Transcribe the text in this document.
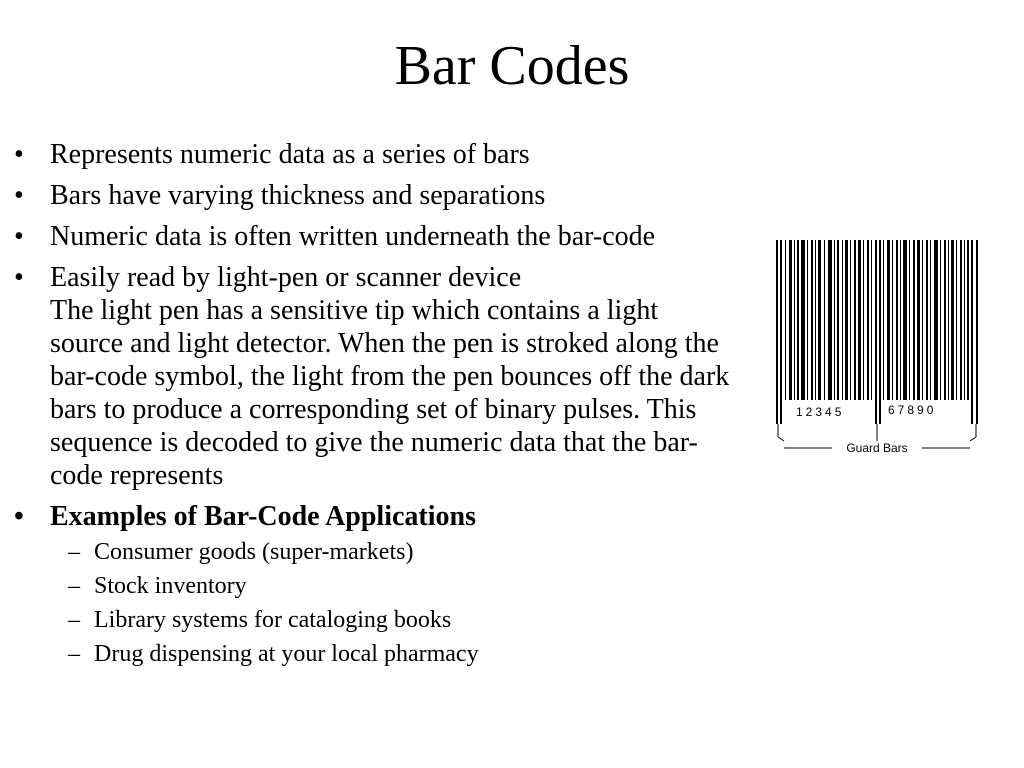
Bar Codes
• Represents numeric data as a series of bars
• Bars have varying thickness and separations
• Numeric data is often written underneath the bar-code

• Easily read by light-pen or scanner device

The light pen has a sensitive tip which contains a light source and light detector. When the pen is stroked along the bar-code symbol, the light from the pen bounces off the dark bars to produce a corresponding set of binary pulses. This sequence is decoded to give the numeric data that the bar-code represents

• Examples of Bar-Code Applications
– Consumer goods (super-markets)
– Stock inventory
– Library systems for cataloging books
– Drug dispensing at your local pharmacy
12345	67890
Guard Bars
